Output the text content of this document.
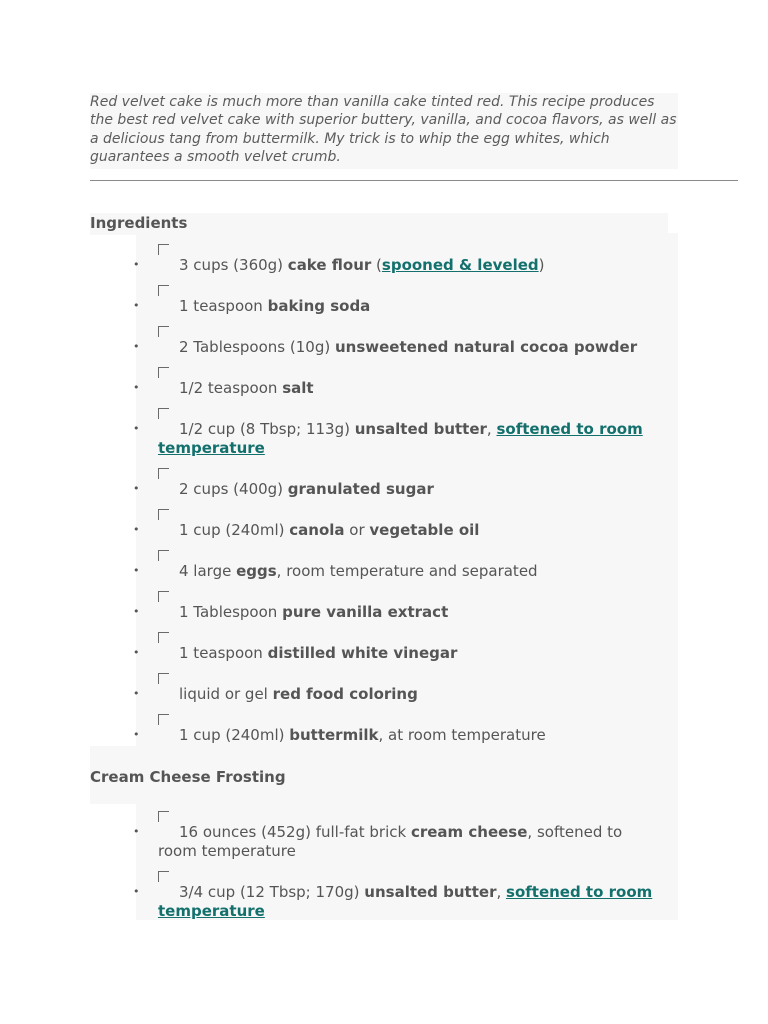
Red velvet cake is much more than vanilla cake tinted red. This recipe produces the best red velvet cake with superior buttery, vanilla, and cocoa flavors, as well as a delicious tang from buttermilk. My trick is to whip the egg whites, which guarantees a smooth velvet crumb.
Ingredients
Cream Cheese Frosting
3 cups (360g) cake flour (spooned & leveled)
•
1 teaspoon baking soda
•
2 Tablespoons (10g) unsweetened natural cocoa powder
•
1/2 teaspoon salt
•
1/2 cup (8 Tbsp; 113g) unsalted butter, softened to room temperature
•
2 cups (400g) granulated sugar
•
1 cup (240ml) canola or vegetable oil
•
4 large eggs, room temperature and separated
•
1 Tablespoon pure vanilla extract
•
1 teaspoon distilled white vinegar
•
liquid or gel red food coloring
•
1 cup (240ml) buttermilk, at room temperature
•
16 ounces (452g) full-fat brick cream cheese, softened to room temperature
•
3/4 cup (12 Tbsp; 170g) unsalted butter, softened to room temperature
•
